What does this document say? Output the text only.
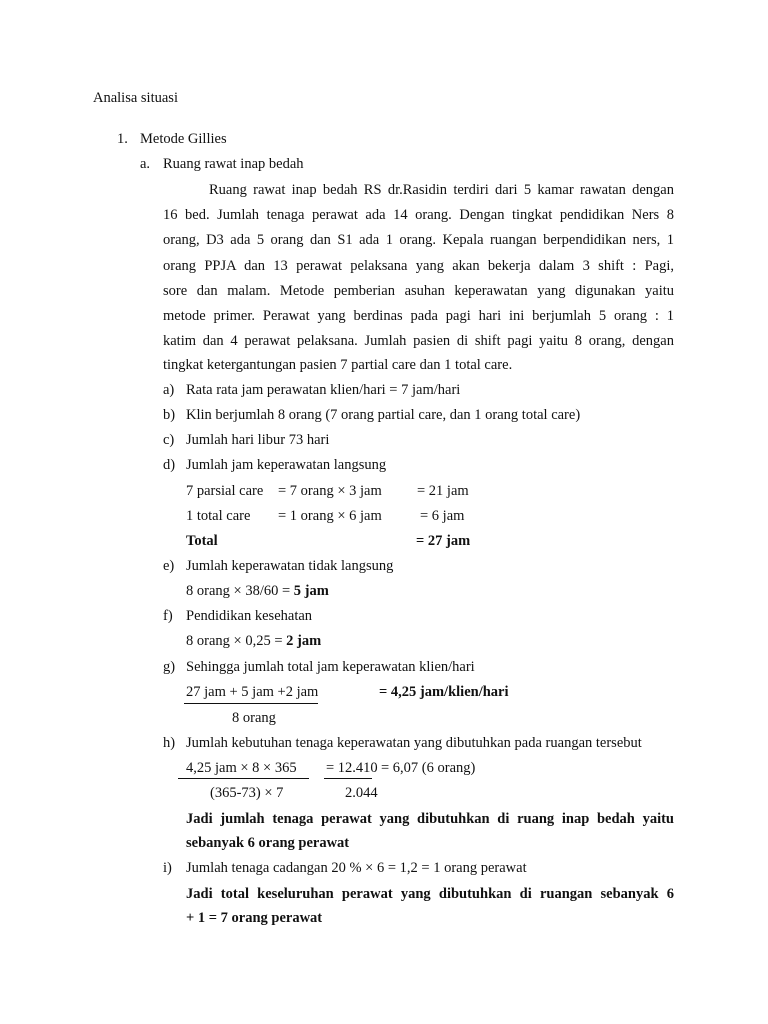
Analisa situasi
1. Metode Gillies
a. Ruang rawat inap bedah
Ruang rawat inap bedah RS dr.Rasidin terdiri dari 5 kamar rawatan dengan
16 bed. Jumlah tenaga perawat ada 14 orang. Dengan tingkat pendidikan Ners 8
orang, D3 ada 5 orang dan S1 ada 1 orang. Kepala ruangan berpendidikan ners, 1
orang PPJA dan 13 perawat pelaksana yang akan bekerja dalam 3 shift : Pagi,
sore dan malam. Metode pemberian asuhan keperawatan yang digunakan yaitu
metode primer. Perawat yang berdinas pada pagi hari ini berjumlah 5 orang : 1
katim dan 4 perawat pelaksana. Jumlah pasien di shift pagi yaitu 8 orang, dengan
tingkat ketergantungan pasien 7 partial care dan 1 total care.
a) Rata rata jam perawatan klien/hari = 7 jam/hari
b) Klin berjumlah 8 orang (7 orang partial care, dan 1 orang total care)
c) Jumlah hari libur 73 hari
d) Jumlah jam keperawatan langsung
7 parsial care = 7 orang × 3 jam = 21 jam
1 total care = 1 orang × 6 jam	= 6 jam
Total	= 27 jam
e) Jumlah keperawatan tidak langsung
8 orang × 38/60 = 5 jam
f) Pendidikan kesehatan
8 orang × 0,25 = 2 jam
g) Sehingga jumlah total jam keperawatan klien/hari
27 jam + 5 jam +2 jam
8 orang
= 4,25 jam/klien/hari
h) Jumlah kebutuhan tenaga keperawatan yang dibutuhkan pada ruangan tersebut
4,25 jam × 8 × 365
(365-73) × 7
= 12.410
2.044
= 6,07 (6 orang)
Jadi jumlah tenaga perawat yang dibutuhkan di ruang inap bedah yaitu
sebanyak 6 orang perawat
i) Jumlah tenaga cadangan 20 % × 6 = 1,2 = 1 orang perawat
Jadi total keseluruhan perawat yang dibutuhkan di ruangan sebanyak 6
+ 1 = 7 orang perawat
